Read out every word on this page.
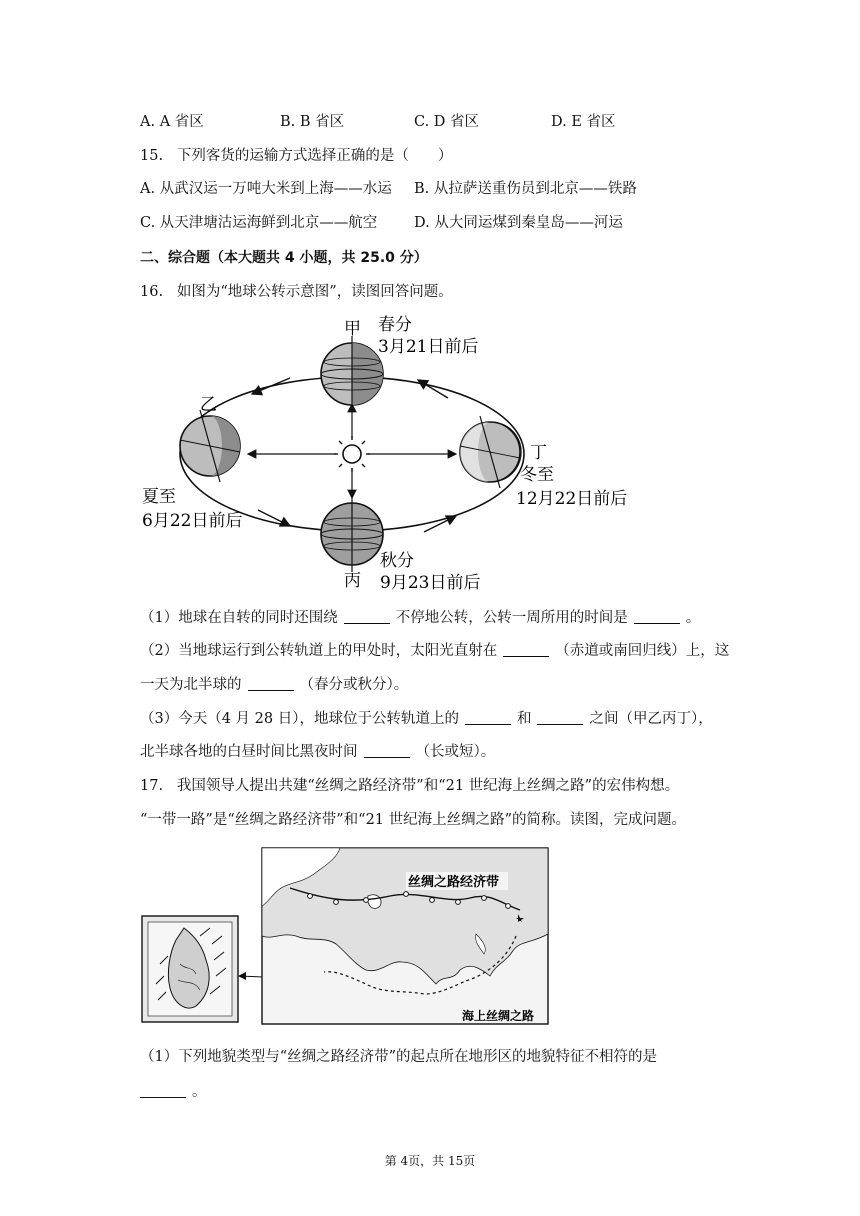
A. A 省区	B. B 省区	C. D 省区	D. E 省区
15. 下列客货的运输方式选择正确的是（　　）
A. 从武汉运一万吨大米到上海——水运 B. 从拉萨送重伤员到北京——铁路
C. 从天津塘沽运海鲜到北京——航空	D. 从大同运煤到秦皇岛——河运
二、综合题（本大题共 4 小题，共 25.0 分）
16. 如图为“地球公转示意图”，读图回答问题。
甲 春分
3月21日前后
乙
夏至
6月22日前后
丁
冬至
12月22日前后
丙
秋分
9月23日前后
（1）地球在自转的同时还围绕	不停地公转，公转一周所用的时间是	。
（2）当地球运行到公转轨道上的甲处时，太阳光直射在	（赤道或南回归线）上，这
一天为北半球的	（春分或秋分）。
（3）今天（4 月 28 日），地球位于公转轨道上的	和	之间（甲乙丙丁），
北半球各地的白昼时间比黑夜时间	（长或短）。
17. 我国领导人提出共建“丝绸之路经济带”和“21 世纪海上丝绸之路”的宏伟构想。
“一带一路”是“丝绸之路经济带”和“21 世纪海上丝绸之路”的简称。读图，完成问题。
丝绸之路经济带
海上丝绸之路
（1）下列地貌类型与“丝绸之路经济带”的起点所在地形区的地貌特征不相符的是
。
第 4页，共 15页
